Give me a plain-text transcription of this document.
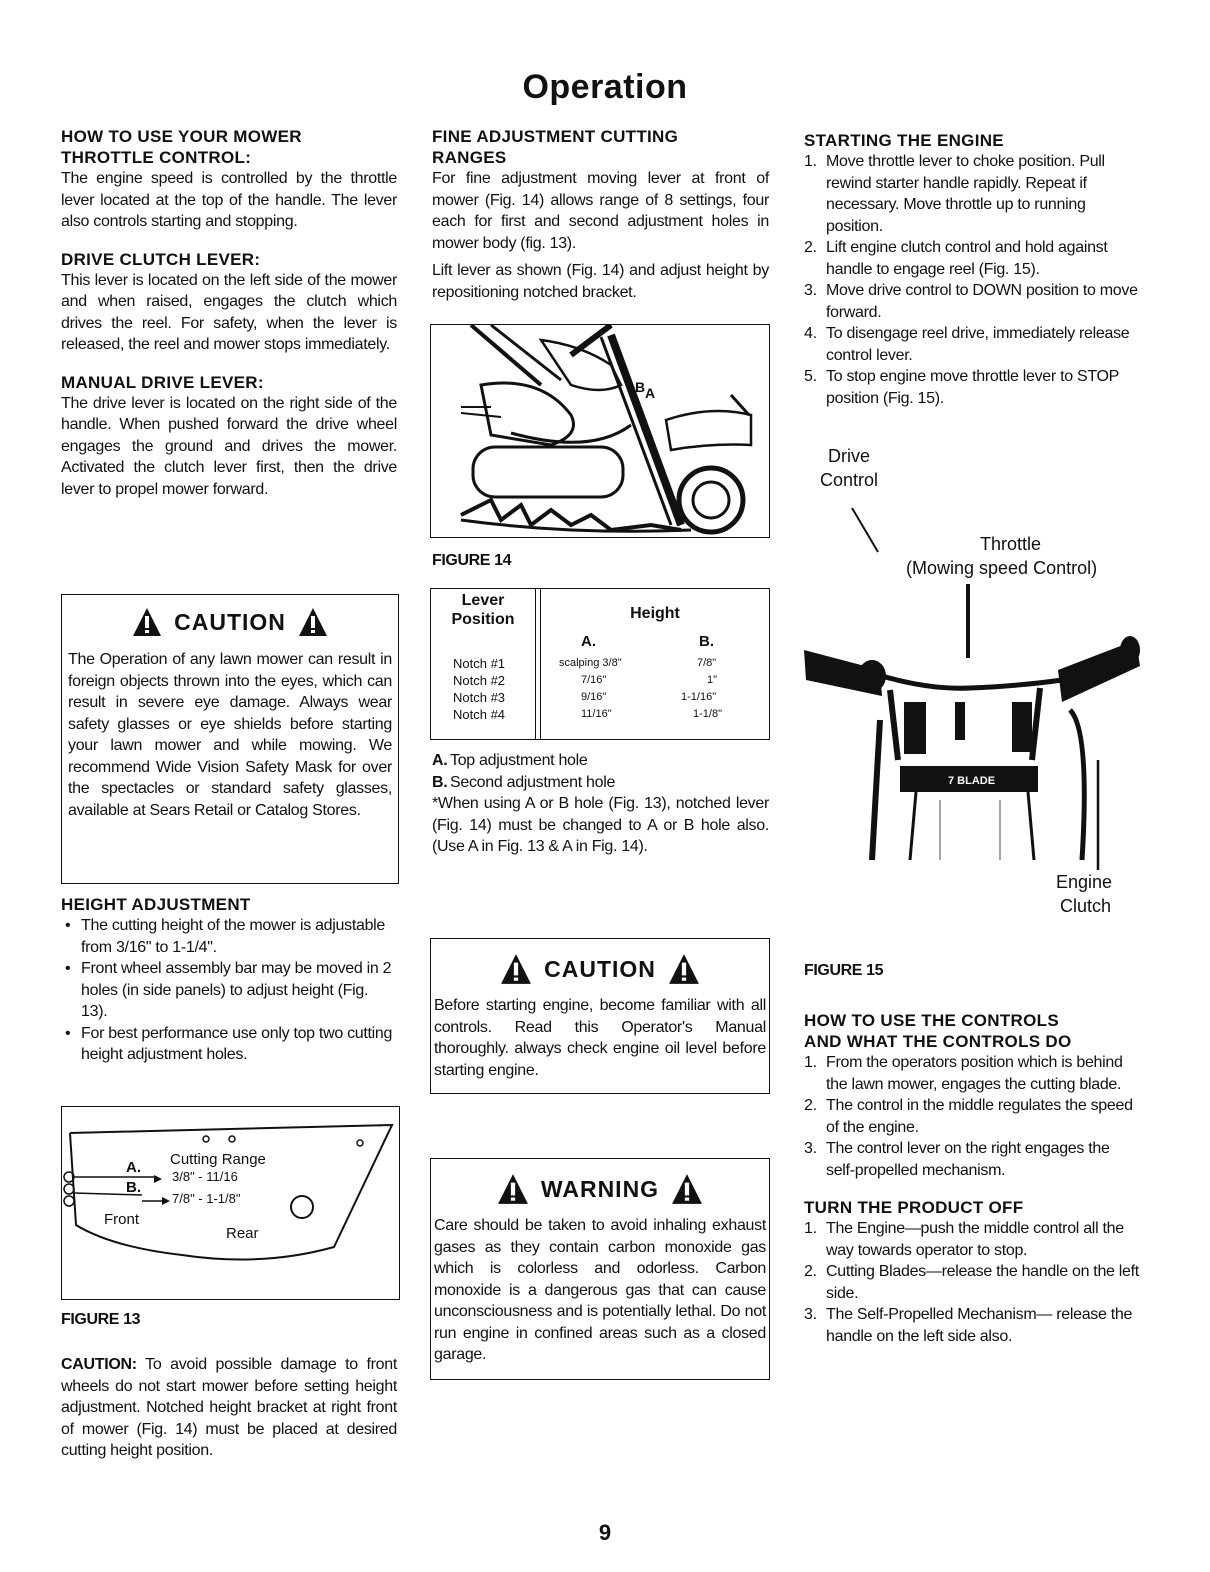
Operation
HOW TO USE YOUR MOWER
THROTTLE CONTROL:

The engine speed is controlled by the throttle lever located at the top of the handle. The lever also controls starting and stopping.

DRIVE CLUTCH LEVER:

This lever is located on the left side of the mower and when raised, engages the clutch which drives the reel. For safety, when the lever is released, the reel and mower stops immediately.

MANUAL DRIVE LEVER:

The drive lever is located on the right side of the handle. When pushed forward the drive wheel engages the ground and drives the mower. Activated the clutch lever first, then the drive lever to propel mower forward.

CAUTION

The Operation of any lawn mower can result in foreign objects thrown into the eyes, which can result in severe eye damage. Always wear safety glasses or eye shields before starting your lawn mower and while mowing. We recommend Wide Vision Safety Mask for over the spectacles or standard safety glasses, available at Sears Retail or Catalog Stores.

HEIGHT ADJUSTMENT
• The cutting height of the mower is adjustable from 3/16" to 1-1/4".
• Front wheel assembly bar may be moved in 2 holes (in side panels) to adjust height (Fig. 13).
• For best performance use only top two cutting height adjustment holes.
Cutting Range
A.
3/8" - 11/16
B.
7/8" - 1-1/8"
Front
Rear
FIGURE 13

CAUTION: To avoid possible damage to front wheels do not start mower before setting height adjustment. Notched height bracket at right front of mower (Fig. 14) must be placed at desired cutting height position.

FINE ADJUSTMENT CUTTING
RANGES

For fine adjustment moving lever at front of mower (Fig. 14) allows range of 8 settings, four each for first and second adjustment holes in mower body (fig. 13).

Lift lever as shown (Fig. 14) and adjust height by repositioning notched bracket.

B A
FIGURE 14
Lever
Position	Height
A.	B.
Notch #1	scalping 3/8"	7/8"
Notch #2	7/16"	1"
Notch #3	9/16"	1-1/16"
Notch #4	11/16"	1-1/8"
A. Top adjustment hole
B. Second adjustment hole

*When using A or B hole (Fig. 13), notched lever (Fig. 14) must be changed to A or B hole also. (Use A in Fig. 13 & A in Fig. 14).

CAUTION

Before starting engine, become familiar with all controls. Read this Operator's Manual thoroughly. always check engine oil level before starting engine.

WARNING

Care should be taken to avoid inhaling exhaust gases as they contain carbon monoxide gas which is colorless and odorless. Carbon monoxide is a dangerous gas that can cause unconsciousness and is potentially lethal. Do not run engine in confined areas such as a closed garage.

STARTING THE ENGINE
1. Move throttle lever to choke position. Pull rewind starter handle rapidly. Repeat if necessary. Move throttle up to running position.
2. Lift engine clutch control and hold against handle to engage reel (Fig. 15).
3. Move drive control to DOWN position to move forward.
4. To disengage reel drive, immediately release control lever.
5. To stop engine move throttle lever to STOP position (Fig. 15).
Drive
Control
Throttle
(Mowing speed Control)
Engine
Clutch
7 BLADE
FIGURE 15
HOW TO USE THE CONTROLS
AND WHAT THE CONTROLS DO
1. From the operators position which is behind the lawn mower, engages the cutting blade.
2. The control in the middle regulates the speed of the engine.
3. The control lever on the right engages the self-propelled mechanism.
TURN THE PRODUCT OFF
1. The Engine—push the middle control all the way towards operator to stop.
2. Cutting Blades—release the handle on the left side.
3. The Self-Propelled Mechanism— release the handle on the left side also.
9
